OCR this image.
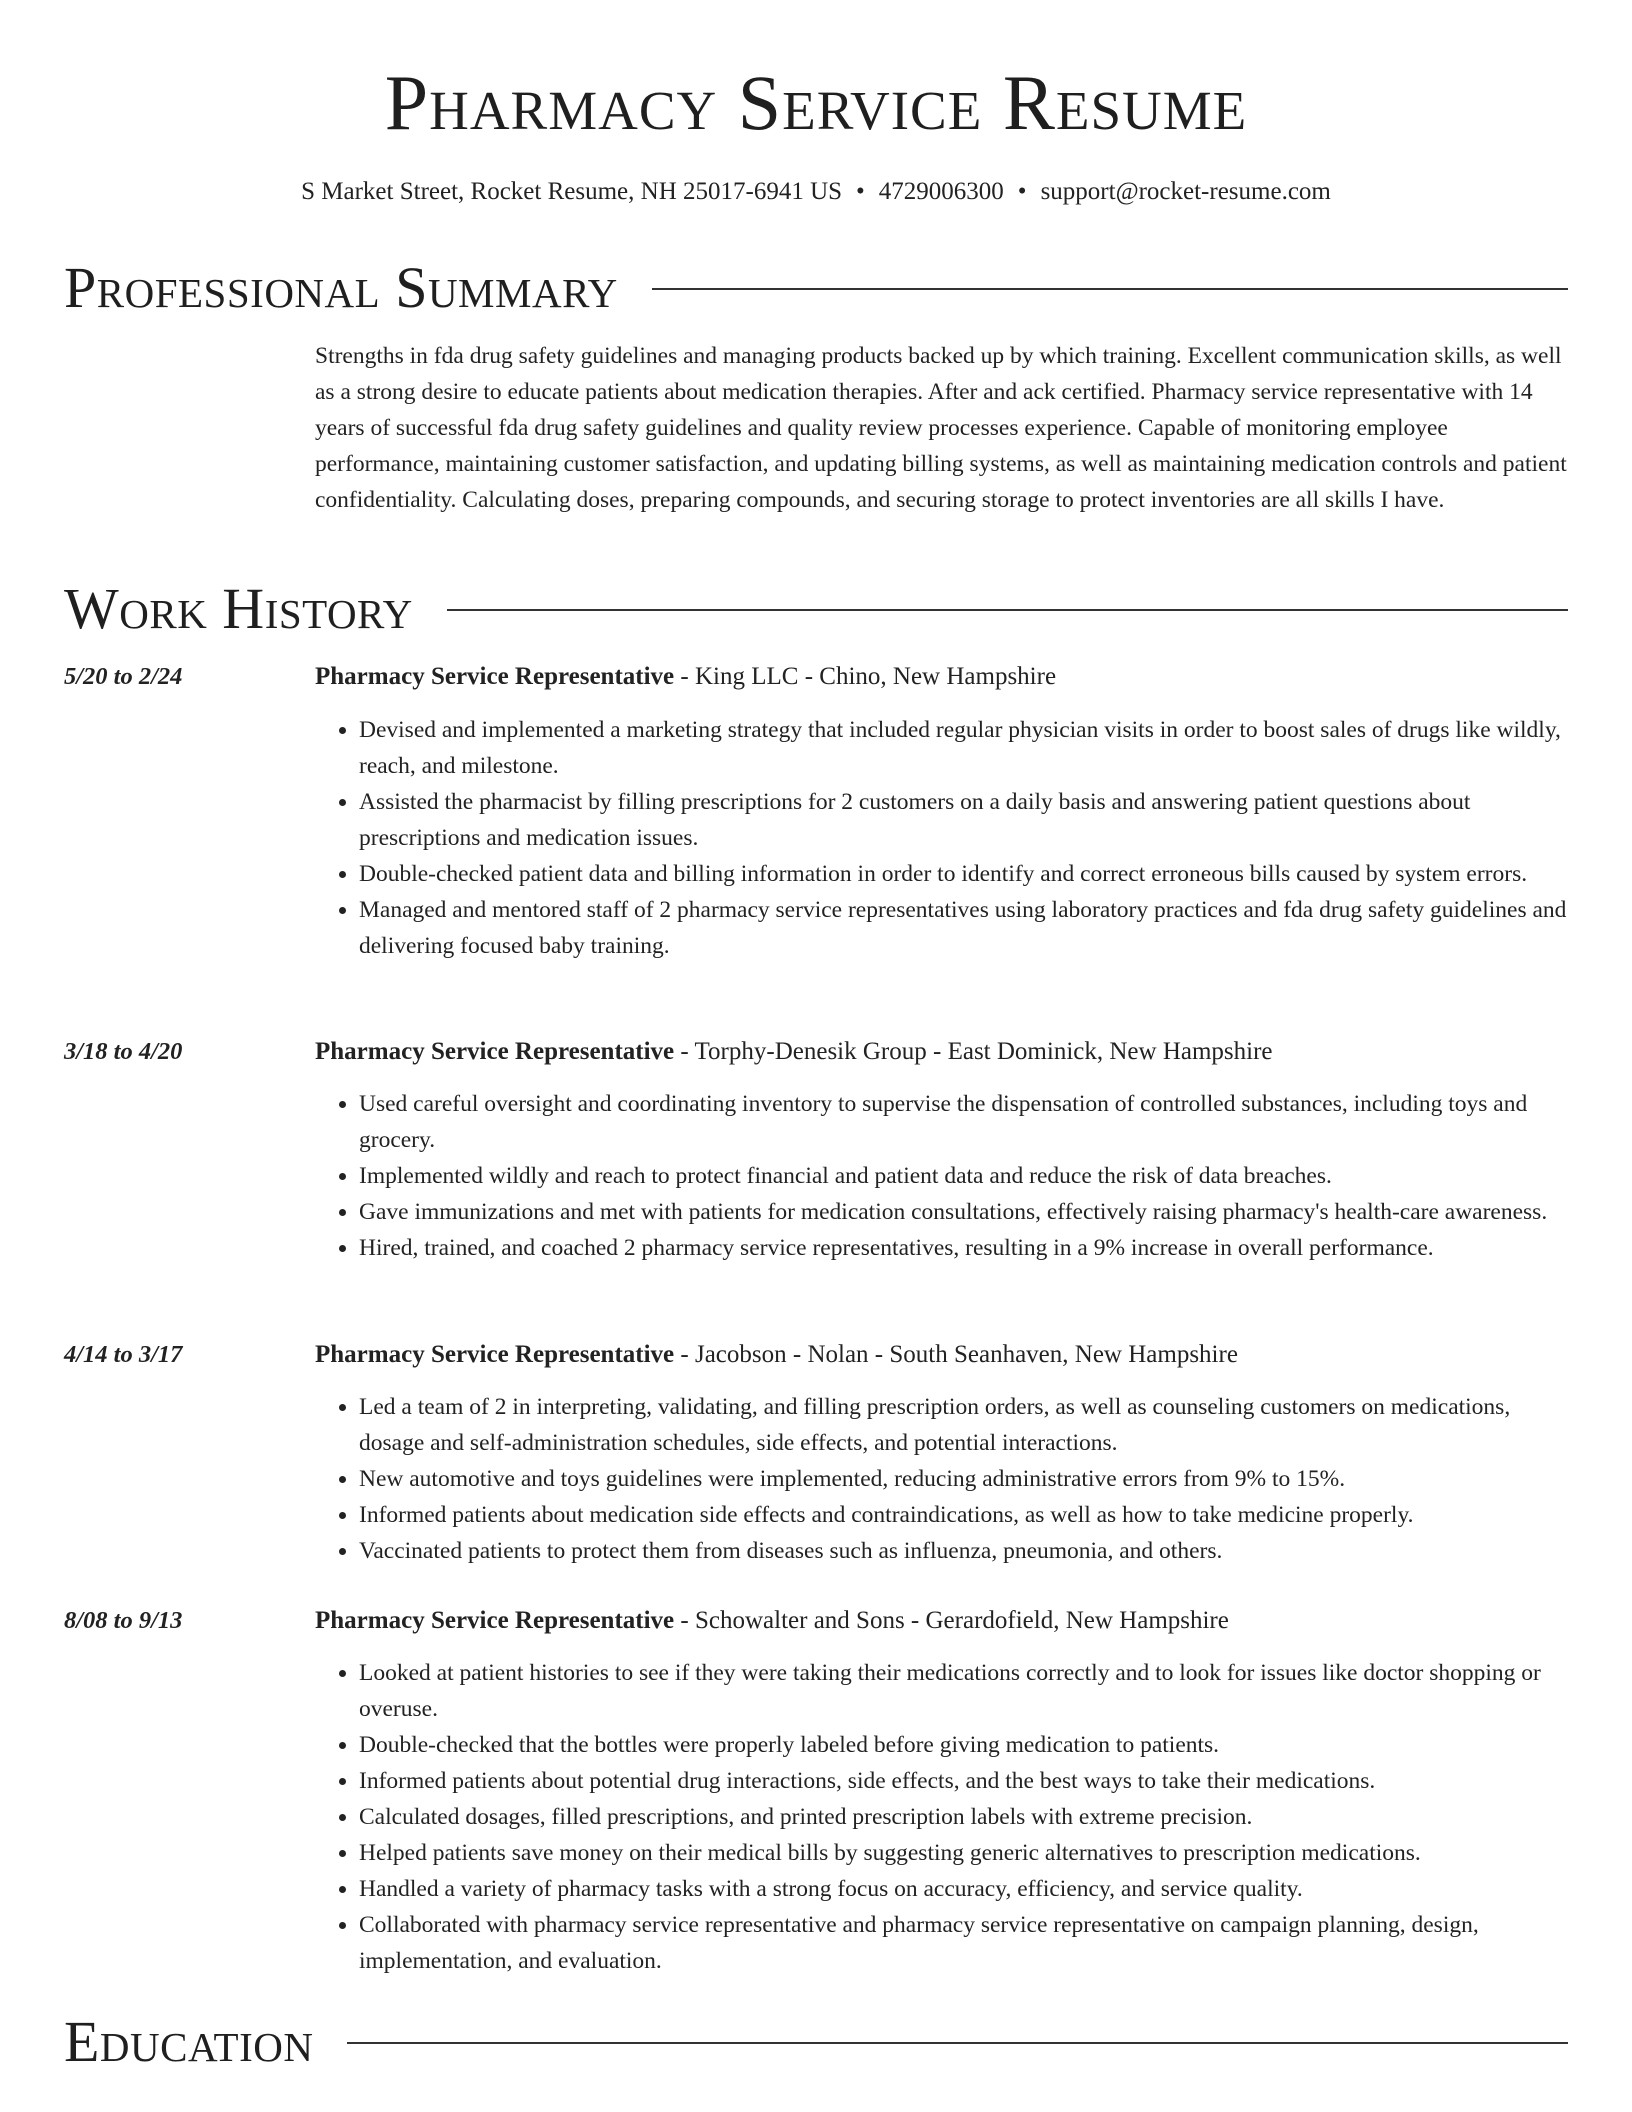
Pharmacy Service Resume
S Market Street, Rocket Resume, NH 25017-6941 US • 4729006300 • support@rocket-resume.com
Professional Summary

Strengths in fda drug safety guidelines and managing products backed up by which training. Excellent communication skills, as well as a strong desire to educate patients about medication therapies. After and ack certified. Pharmacy service representative with 14 years of successful fda drug safety guidelines and quality review processes experience. Capable of monitoring employee performance, maintaining customer satisfaction, and updating billing systems, as well as maintaining medication controls and patient confidentiality. Calculating doses, preparing compounds, and securing storage to protect inventories are all skills I have.

Work History
5/20 to 2/24	Pharmacy Service Representative - King LLC - Chino, New Hampshire
• Devised and implemented a marketing strategy that included regular physician visits in order to boost sales of drugs like wildly, reach, and milestone.
• Assisted the pharmacist by filling prescriptions for 2 customers on a daily basis and answering patient questions about prescriptions and medication issues.
• Double-checked patient data and billing information in order to identify and correct erroneous bills caused by system errors.
• Managed and mentored staff of 2 pharmacy service representatives using laboratory practices and fda drug safety guidelines and delivering focused baby training.
3/18 to 4/20	Pharmacy Service Representative - Torphy-Denesik Group - East Dominick, New Hampshire
• Used careful oversight and coordinating inventory to supervise the dispensation of controlled substances, including toys and grocery.
• Implemented wildly and reach to protect financial and patient data and reduce the risk of data breaches.
• Gave immunizations and met with patients for medication consultations, effectively raising pharmacy's health-care awareness.
• Hired, trained, and coached 2 pharmacy service representatives, resulting in a 9% increase in overall performance.
4/14 to 3/17	Pharmacy Service Representative - Jacobson - Nolan - South Seanhaven, New Hampshire
• Led a team of 2 in interpreting, validating, and filling prescription orders, as well as counseling customers on medications, dosage and self-administration schedules, side effects, and potential interactions.
• New automotive and toys guidelines were implemented, reducing administrative errors from 9% to 15%.
• Informed patients about medication side effects and contraindications, as well as how to take medicine properly.
• Vaccinated patients to protect them from diseases such as influenza, pneumonia, and others.
8/08 to 9/13	Pharmacy Service Representative - Schowalter and Sons - Gerardofield, New Hampshire
• Looked at patient histories to see if they were taking their medications correctly and to look for issues like doctor shopping or overuse.
• Double-checked that the bottles were properly labeled before giving medication to patients.
• Informed patients about potential drug interactions, side effects, and the best ways to take their medications.
• Calculated dosages, filled prescriptions, and printed prescription labels with extreme precision.
• Helped patients save money on their medical bills by suggesting generic alternatives to prescription medications.
• Handled a variety of pharmacy tasks with a strong focus on accuracy, efficiency, and service quality.
• Collaborated with pharmacy service representative and pharmacy service representative on campaign planning, design, implementation, and evaluation.
Education
